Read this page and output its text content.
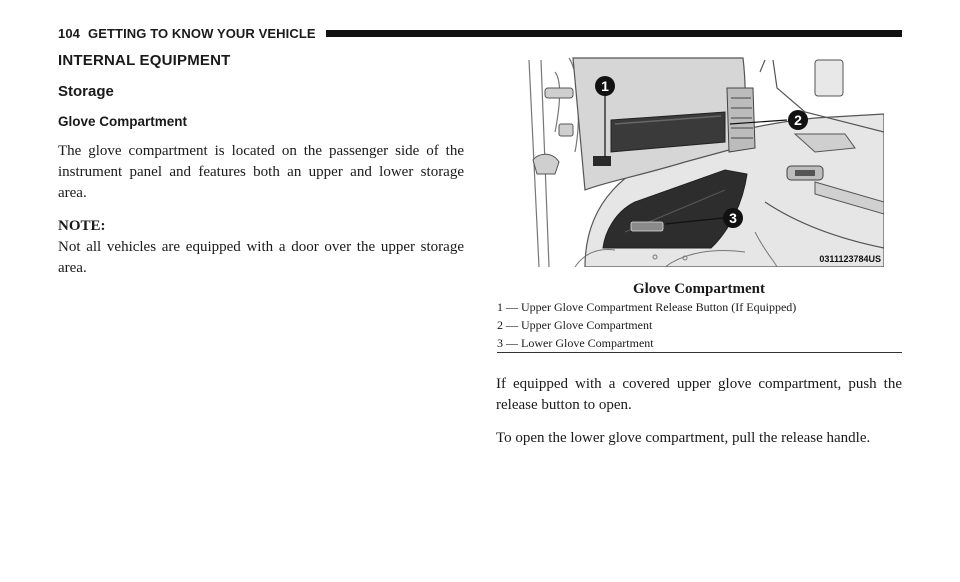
104 GETTING TO KNOW YOUR VEHICLE
INTERNAL EQUIPMENT
Storage
Glove Compartment

The glove compartment is located on the passenger side of the instrument panel and features both an upper and lower storage area.

NOTE:

Not all vehicles are equipped with a door over the upper storage area.

1
2
3
0311123784US
Glove Compartment
1 — Upper Glove Compartment Release Button (If Equipped)
2 — Upper Glove Compartment
3 — Lower Glove Compartment

If equipped with a covered upper glove compartment, push the release button to open.

To open the lower glove compartment, pull the release handle.
